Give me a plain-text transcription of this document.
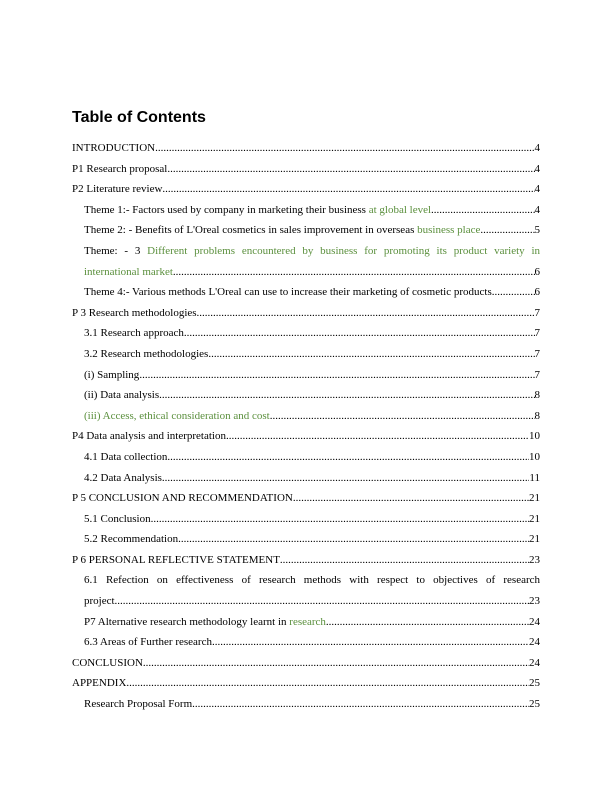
Table of Contents
INTRODUCTION .....	4
P1 Research proposal .....	4
P2 Literature review .....	4
Theme 1:- Factors used by company in marketing their business at global level .....	4
Theme 2: - Benefits of L'Oreal cosmetics in sales improvement in overseas business place .....	5
Theme: - 3 Different problems encountered by business for promoting its product variety in
international market .....	6
Theme 4:- Various methods L'Oreal can use to increase their marketing of cosmetic products. .....	6
P 3 Research methodologies .....	7
3.1 Research approach .....	7
3.2 Research methodologies .....	7
(i) Sampling .....	7
(ii) Data analysis .....	8
(iii) Access, ethical consideration and cost .....	8
P4 Data analysis and interpretation .....	10
4.1 Data collection .....	10
4.2 Data Analysis .....	11
P 5 CONCLUSION AND RECOMMENDATION .....	21
5.1 Conclusion .....	21
5.2 Recommendation .....	21
P 6 PERSONAL REFLECTIVE STATEMENT .....	23
6.1 Refection on effectiveness of research methods with respect to objectives of research
project .....	23
P7 Alternative research methodology learnt in research .....	24
6.3 Areas of Further research .....	24
CONCLUSION .....	24
APPENDIX .....	25
Research Proposal Form .....	25
